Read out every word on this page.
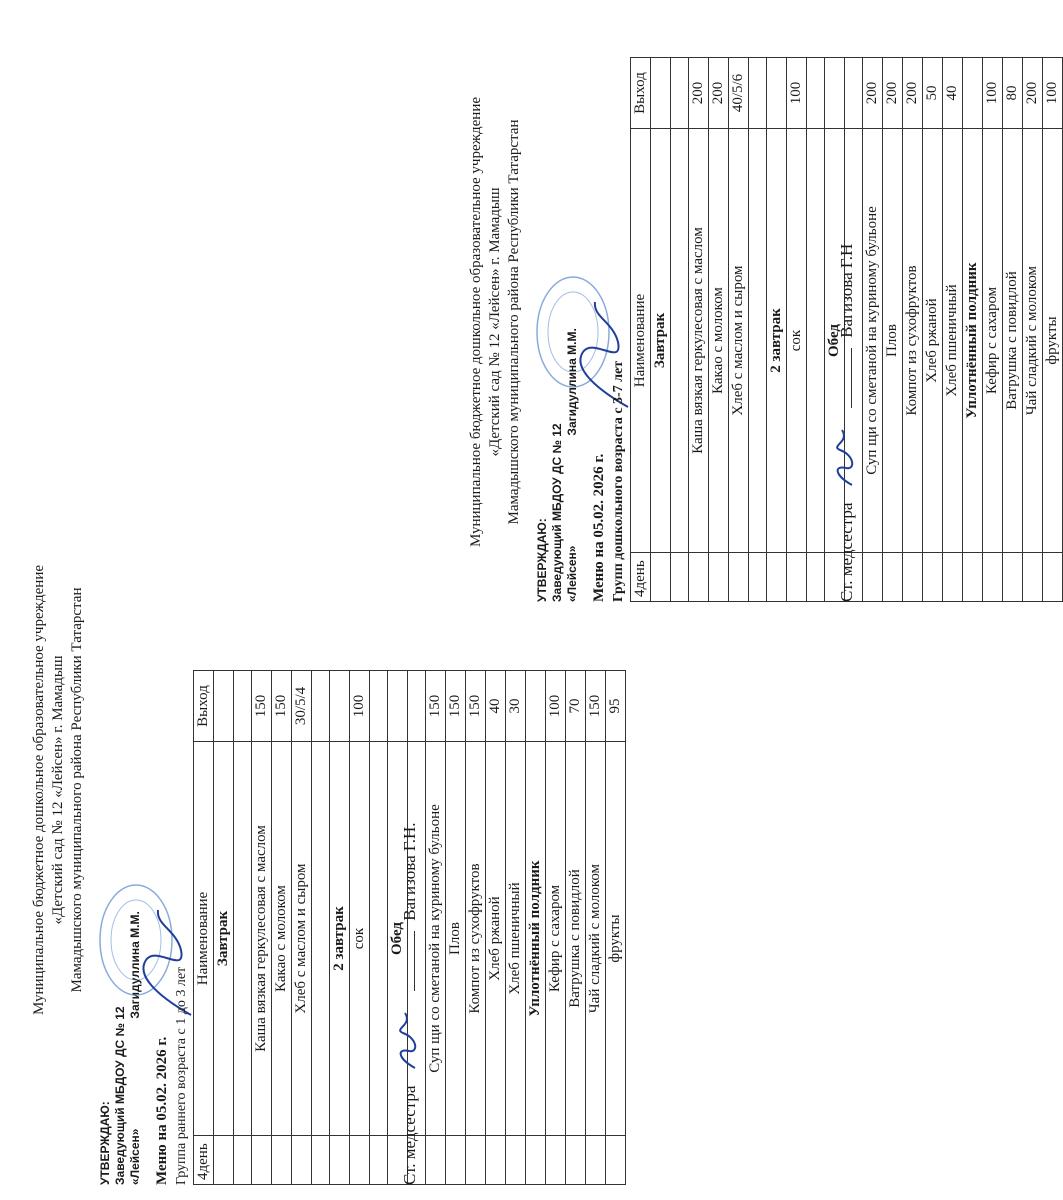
Муниципальное бюджетное дошкольное образовательное учреждение «Детский сад № 12 «Лейсен» г. Мамадыш Мамадышского муниципального района Республики Татарстан
УТВЕРЖДАЮ: Заведующий МБДОУ ДС № 12 «Лейсен»Загидуллина М.М.
Меню на 05.02. 2026 г. Группа раннего возраста с 1 до 3 лет 4день	Наименование	Выход
	Завтрак	

	Каша вязкая геркулесовая с маслом	150
	Какао с молоком	150
	Хлеб с маслом и сыром	30/5/4

	2 завтрак	
	сок	100

	Обед	

	Суп щи со сметаной на куриному бульоне	150
	Плов	150
	Компот из сухофруктов	150
	Хлеб ржаной	40
	Хлеб пшеничный	30
	Уплотнённый полдник	
	Кефир с сахаром	100
	Ватрушка с повидлой	70
	Чай сладкий с молоком	150
	фрукты	95
Ст. медсестра   Вагизова Г.Н.
Муниципальное бюджетное дошкольное образовательное учреждение «Детский сад № 12 «Лейсен» г. Мамадыш Мамадышского муниципального района Республики Татарстан
УТВЕРЖДАЮ: Заведующий МБДОУ ДС № 12 «Лейсен»Загидуллина М.М.
Меню на 05.02. 2026 г. Групп дошкольного возраста с 3-7 лет 4день	Наименование	Выход
	Завтрак	

	Каша вязкая геркулесовая с маслом	200
	Какао с молоком	200
	Хлеб с маслом и сыром	40/5/6

	2 завтрак	
	сок	100

	Обед	

	Суп щи со сметаной на куриному бульоне	200
	Плов	200
	Компот из сухофруктов	200
	Хлеб ржаной	50
	Хлеб пшеничный	40
	Уплотнённый полдник	
	Кефир с сахаром	100
	Ватрушка с повидлой	80
	Чай сладкий с молоком	200
	фрукты	100
Ст. медсестра   Вагизова Г.Н
